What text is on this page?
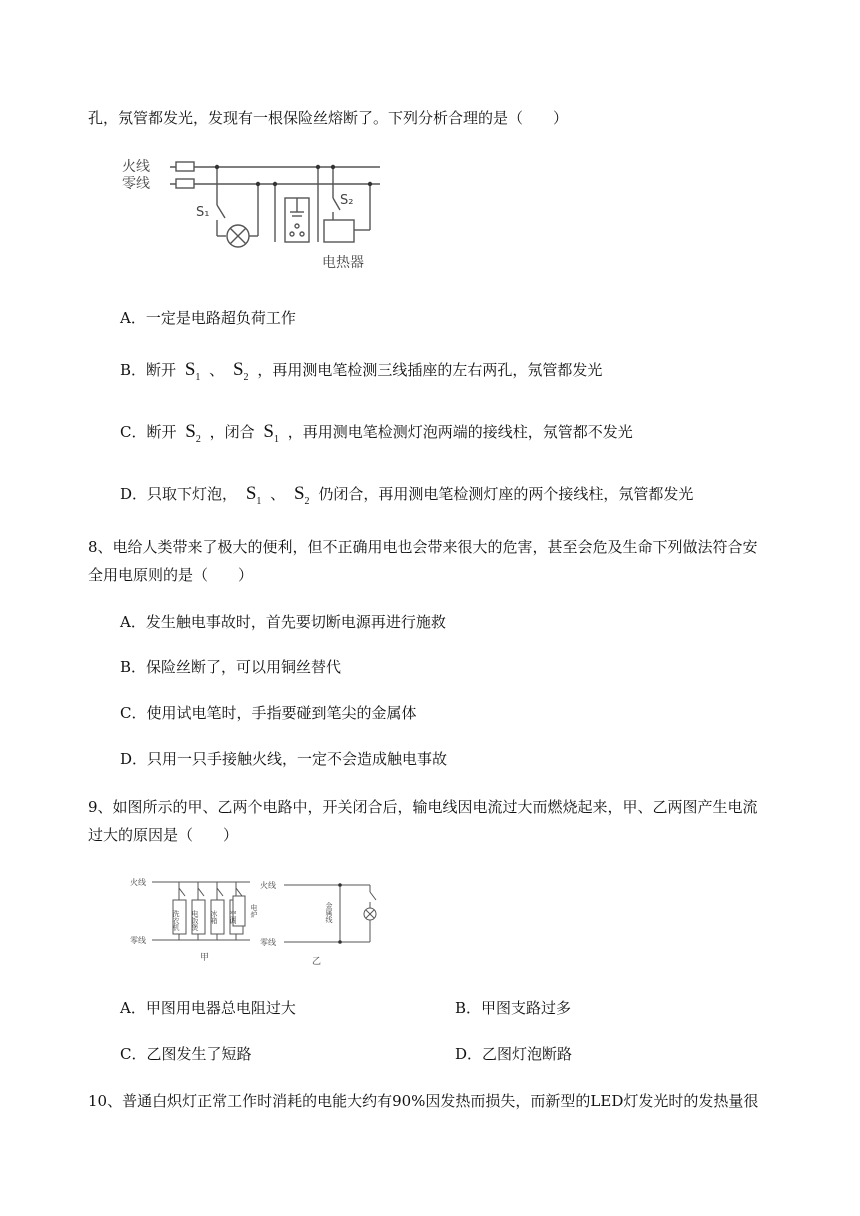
孔，氖管都发光，发现有一根保险丝熔断了。下列分析合理的是（　　）
火线
零线
S₁
S₂
电热器
A．一定是电路超负荷工作
B．断开 $S_1$ 、 $S_2$ ，再用测电笔检测三线插座的左右两孔，氖管都发光
C．断开 $S_2$ ，闭合 $S_1$ ，再用测电笔检测灯泡两端的接线柱，氖管都不发光
D．只取下灯泡， $S_1$ 、 $S_2$ 仍闭合，再用测电笔检测灯座的两个接线柱，氖管都发光
8、电给人类带来了极大的便利，但不正确用电也会带来很大的危害，甚至会危及生命下列做法符合安
全用电原则的是（　　）
A．发生触电事故时，首先要切断电源再进行施救
B．保险丝断了，可以用铜丝替代
C．使用试电笔时，手指要碰到笔尖的金属体
D．只用一只手接触火线，一定不会造成触电事故
9、如图所示的甲、乙两个电路中，开关闭合后，输电线因电流过大而燃烧起来，甲、乙两图产生电流
过大的原因是（　　）
火线
零线
火线
零线
洗衣机 电饭煲 冰箱 空调 电炉	金属线
甲	乙
A．甲图用电器总电阻过大	B．甲图支路过多
C．乙图发生了短路	D．乙图灯泡断路
10、普通白炽灯正常工作时消耗的电能大约有90%因发热而损失，而新型的LED灯发光时的发热量很
